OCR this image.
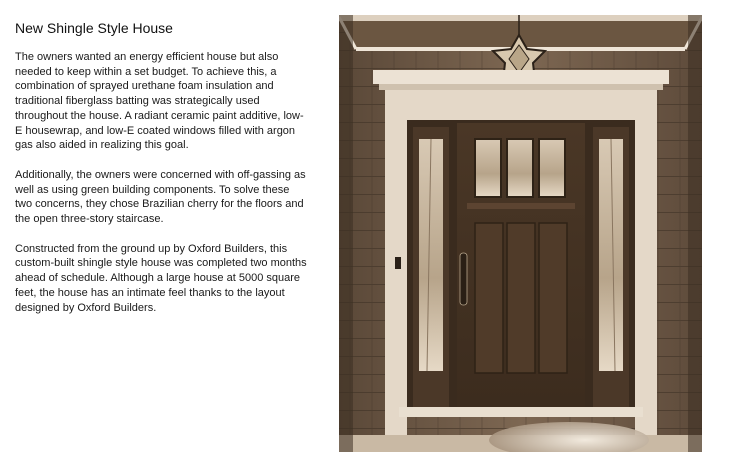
New Shingle Style House

The owners wanted an energy efficient house but also needed to keep within a set budget. To achieve this, a combination of sprayed urethane foam insulation and traditional fiberglass batting was strategically used throughout the house. A radiant ceramic paint additive, low-E housewrap, and low-E coated windows filled with argon gas also aided in realizing this goal.

Additionally, the owners were concerned with off-gassing as well as using green building components. To solve these two concerns, they chose Brazilian cherry for the floors and the open three-story staircase.

Constructed from the ground up by Oxford Builders, this custom-built shingle style house was completed two months ahead of schedule. Although a large house at 5000 square feet, the house has an intimate feel thanks to the layout designed by Oxford Builders.
